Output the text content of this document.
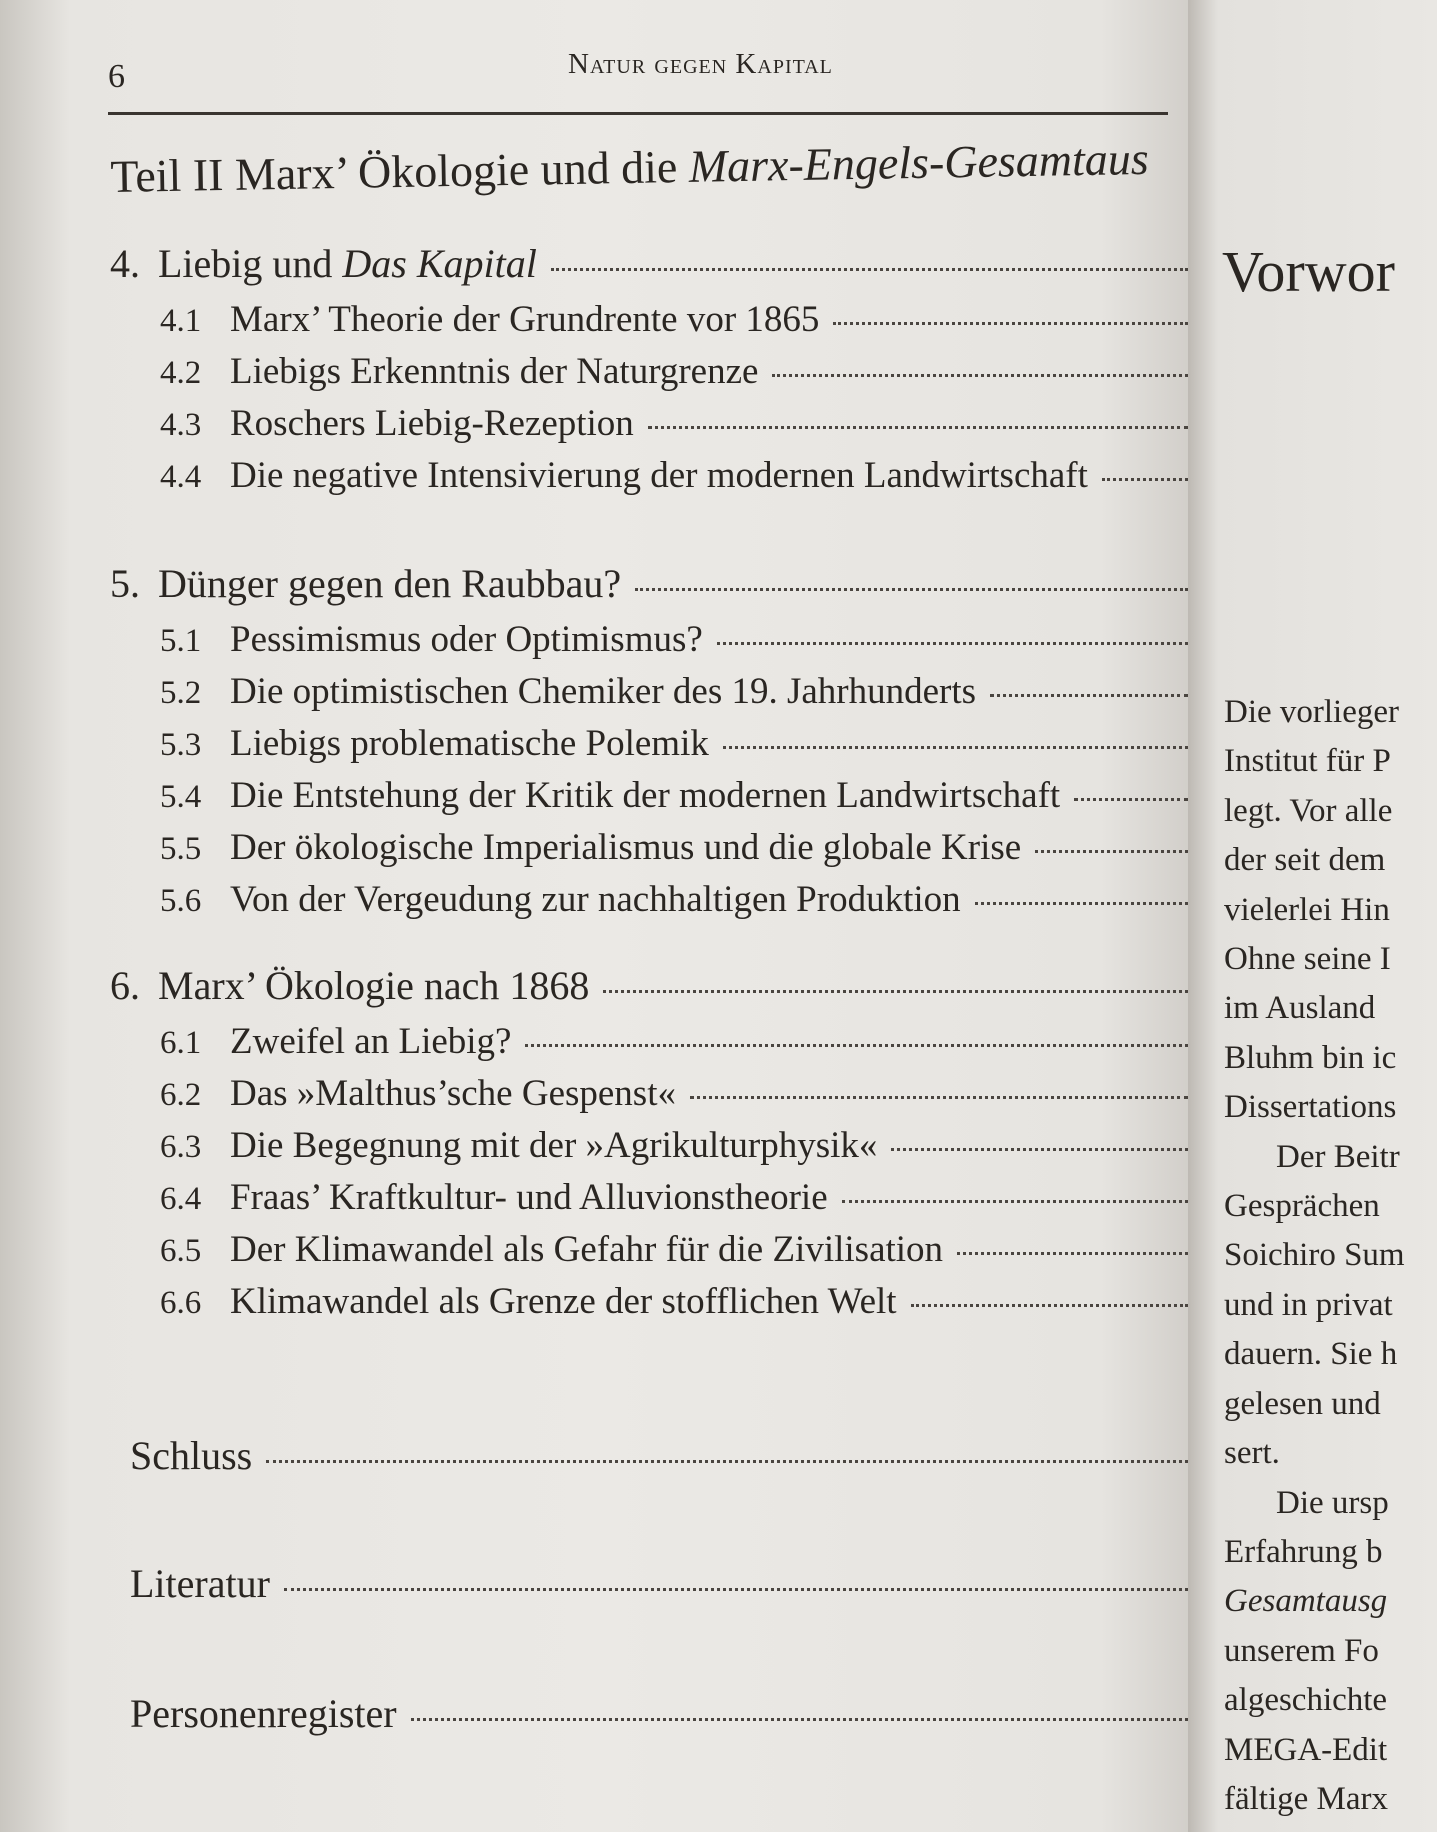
6	Natur gegen Kapital
Teil II Marx’ Ökologie und die Marx-Engels-Gesamtaus
4. Liebig und Das Kapital
4.1 Marx’ Theorie der Grundrente vor 1865
4.2 Liebigs Erkenntnis der Naturgrenze
4.3 Roschers Liebig-Rezeption
4.4 Die negative Intensivierung der modernen Landwirtschaft
5. Dünger gegen den Raubbau?
5.1 Pessimismus oder Optimismus?
5.2 Die optimistischen Chemiker des 19. Jahrhunderts
5.3 Liebigs problematische Polemik
5.4 Die Entstehung der Kritik der modernen Landwirtschaft
5.5 Der ökologische Imperialismus und die globale Krise
5.6 Von der Vergeudung zur nachhaltigen Produktion
6. Marx’ Ökologie nach 1868
6.1 Zweifel an Liebig?
6.2 Das »Malthus’sche Gespenst«
6.3 Die Begegnung mit der »Agrikulturphysik«
6.4 Fraas’ Kraftkultur- und Alluvionstheorie
6.5 Der Klimawandel als Gefahr für die Zivilisation
6.6 Klimawandel als Grenze der stofflichen Welt
Schluss
Literatur
Personenregister
Vorwor
Die vorlieger
Institut für P
legt. Vor alle
der seit dem
vielerlei Hin
Ohne seine I
im Ausland
Bluhm bin ic
Dissertations
Der Beitr
Gesprächen
Soichiro Sum
und in privat
dauern. Sie h
gelesen und
sert.
Die ursp
Erfahrung b
Gesamtausg
unserem Fo
algeschichte
MEGA-Edit
fältige Marx
